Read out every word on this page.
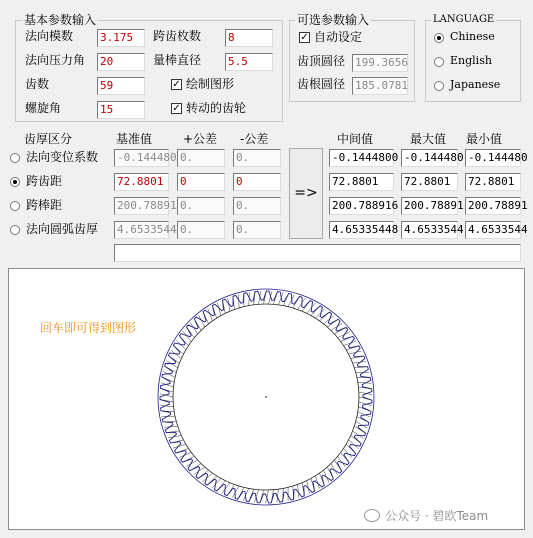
基本参数输入
法向模数 3.175	跨齿枚数 8
法向压力角 20	量棒直径 5.5
齿数	59	✓ 绘制图形
螺旋角	15	✓ 转动的齿轮
可选参数输入
✓ 自动设定
齿顶圆径 199.3656
齿根圆径 185.0781
LANGUAGE
Chinese
English
Japanese
齿厚区分	基准值	+公差 -公差	中间值	最大值 最小值
法向变位系数 -0.144480 0.	0.	-0.1444800 -0.144480 -0.144480
跨齿距	72.8801	0	0	72.8801	72.8801	72.8801
跨棒距	200.78891 0.	0.	200.788916 200.78891 200.78891
法向圆弧齿厚 4.6533544 0.	0.	4.65335448 4.6533544 4.6533544
=>
回车即可得到图形
公众号 · 碧欧Team
